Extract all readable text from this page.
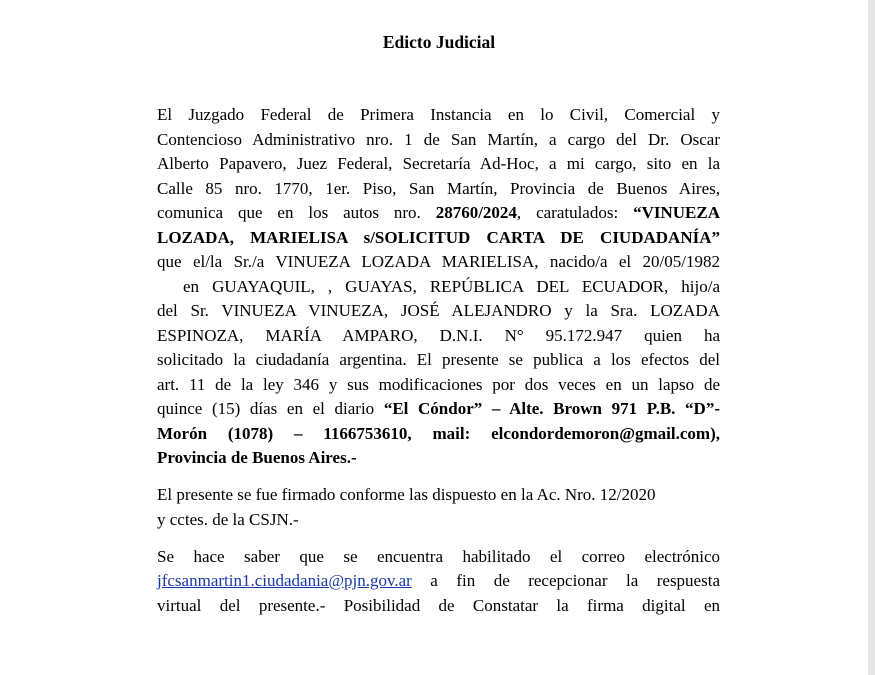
Edicto Judicial

El Juzgado Federal de Primera Instancia en lo Civil, Comercial y

Contencioso Administrativo nro. 1 de San Martín, a cargo del Dr. Oscar

Alberto Papavero, Juez Federal, Secretaría Ad-Hoc, a mi cargo, sito en la

Calle 85 nro. 1770, 1er. Piso, San Martín, Provincia de Buenos Aires,

comunica que en los autos nro. 28760/2024, caratulados: “VINUEZA

LOZADA, MARIELISA s/SOLICITUD CARTA DE CIUDADANÍA”

que el/la Sr./a VINUEZA LOZADA MARIELISA, nacido/a el 20/05/1982

en GUAYAQUIL, , GUAYAS, REPÚBLICA DEL ECUADOR, hijo/a

del Sr. VINUEZA VINUEZA, JOSÉ ALEJANDRO y la Sra. LOZADA

ESPINOZA, MARÍA AMPARO, D.N.I. N° 95.172.947 quien ha

solicitado la ciudadanía argentina. El presente se publica a los efectos del

art. 11 de la ley 346 y sus modificaciones por dos veces en un lapso de

quince (15) días en el diario “El Cóndor” – Alte. Brown 971 P.B. “D”-

Morón (1078) – 1166753610, mail: elcondordemoron@gmail.com),

Provincia de Buenos Aires.-

El presente se fue firmado conforme las dispuesto en la Ac. Nro. 12/2020

y cctes. de la CSJN.-

Se hace saber que se encuentra habilitado el correo electrónico

jfcsanmartin1.ciudadania@pjn.gov.ar a fin de recepcionar la respuesta

virtual del presente.- Posibilidad de Constatar la firma digital en
